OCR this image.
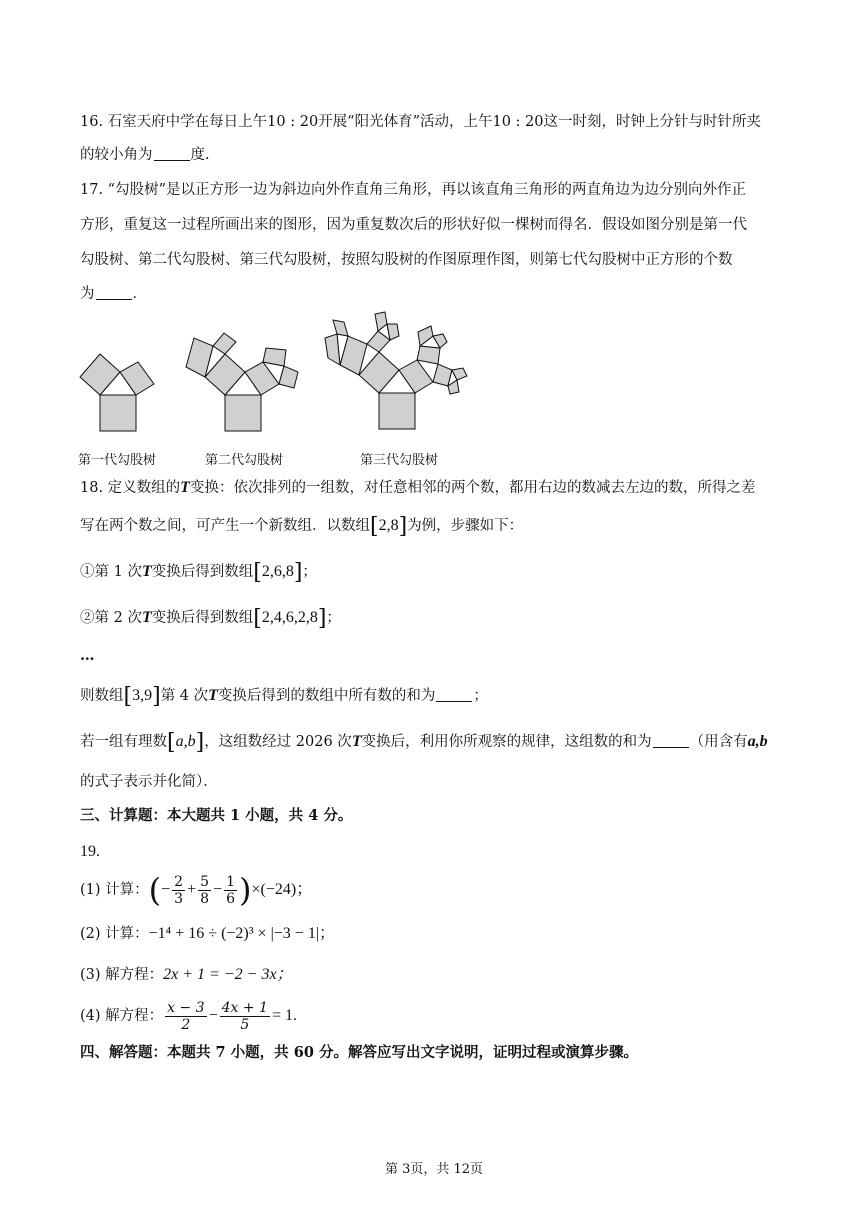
16. 石室天府中学在每日上午10 : 20开展“阳光体育”活动，上午10 : 20这一时刻，时钟上分针与时针所夹
的较小角为	度.
17. “勾股树”是以正方形一边为斜边向外作直角三角形，再以该直角三角形的两直角边为边分别向外作正
方形，重复这一过程所画出来的图形，因为重复数次后的形状好似一棵树而得名．假设如图分别是第一代
勾股树、第二代勾股树、第三代勾股树，按照勾股树的作图原理作图，则第七代勾股树中正方形的个数
为	．
第一代勾股树	第二代勾股树	第三代勾股树
18. 定义数组的T变换：依次排列的一组数，对任意相邻的两个数，都用右边的数减去左边的数，所得之差
写在两个数之间，可产生一个新数组．以数组[2,8]为例，步骤如下：
①第 1 次T变换后得到数组[2,6,8]；
②第 2 次T变换后得到数组[2,4,6,2,8]；
…
则数组[3,9]第 4 次T变换后得到的数组中所有数的和为	；
若一组有理数[a,b]，这组数经过 2026 次T变换后，利用你所观察的规律，这组数的和为	（用含有a,b
的式子表示并化简）．
三、计算题：本大题共 1 小题，共 4 分。
19.
(1) 计算：(− $\frac{2}{3} + \frac{5}{8} - \frac{1}{6} )\times(-24)$；
(2) 计算：−1⁴ + 16 ÷ (−2)³ × |−3 − 1|；
(3) 解方程：2x + 1 = −2 − 3x；
(4) 解方程： $\frac{x - 3}{2} - \frac{4x + 1}{5} = 1$.
四、解答题：本题共 7 小题，共 60 分。解答应写出文字说明，证明过程或演算步骤。
第 3页，共 12页
